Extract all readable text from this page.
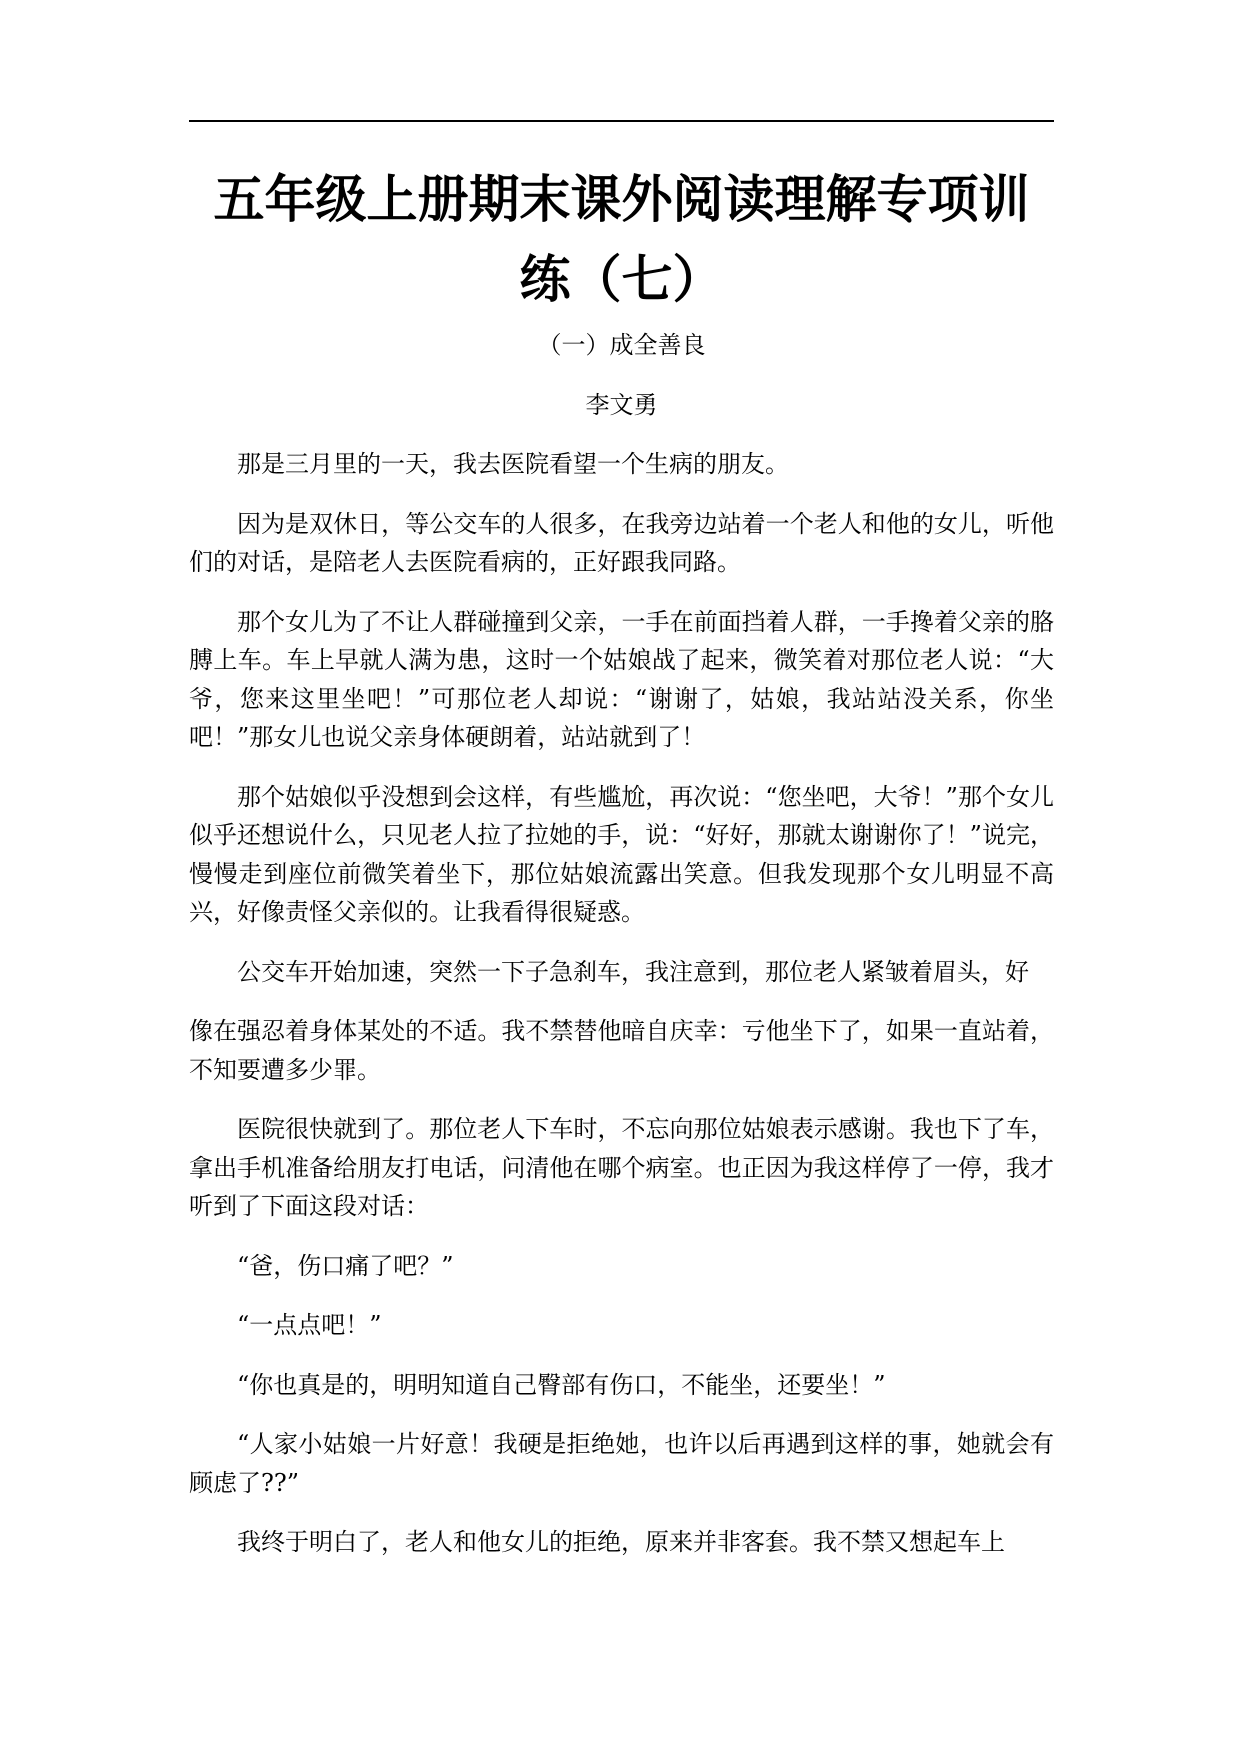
五年级上册期末课外阅读理解专项训练（七）
（一）成全善良
李文勇

那是三月里的一天，我去医院看望一个生病的朋友。

因为是双休日，等公交车的人很多，在我旁边站着一个老人和他的女儿，听他们的对话，是陪老人去医院看病的，正好跟我同路。

那个女儿为了不让人群碰撞到父亲，一手在前面挡着人群，一手搀着父亲的胳膊上车。车上早就人满为患，这时一个姑娘战了起来，微笑着对那位老人说：“大爷，您来这里坐吧！”可那位老人却说：“谢谢了，姑娘，我站站没关系，你坐吧！”那女儿也说父亲身体硬朗着，站站就到了！

那个姑娘似乎没想到会这样，有些尴尬，再次说：“您坐吧，大爷！”那个女儿似乎还想说什么，只见老人拉了拉她的手，说：“好好，那就太谢谢你了！”说完，慢慢走到座位前微笑着坐下，那位姑娘流露出笑意。但我发现那个女儿明显不高兴，好像责怪父亲似的。让我看得很疑惑。

公交车开始加速，突然一下子急刹车，我注意到，那位老人紧皱着眉头，好

像在强忍着身体某处的不适。我不禁替他暗自庆幸：亏他坐下了，如果一直站着，不知要遭多少罪。

医院很快就到了。那位老人下车时，不忘向那位姑娘表示感谢。我也下了车，拿出手机准备给朋友打电话，问清他在哪个病室。也正因为我这样停了一停，我才听到了下面这段对话：

“爸，伤口痛了吧？”

“一点点吧！”

“你也真是的，明明知道自己臀部有伤口，不能坐，还要坐！”

“人家小姑娘一片好意！我硬是拒绝她，也许以后再遇到这样的事，她就会有顾虑了??”

我终于明白了，老人和他女儿的拒绝，原来并非客套。我不禁又想起车上
